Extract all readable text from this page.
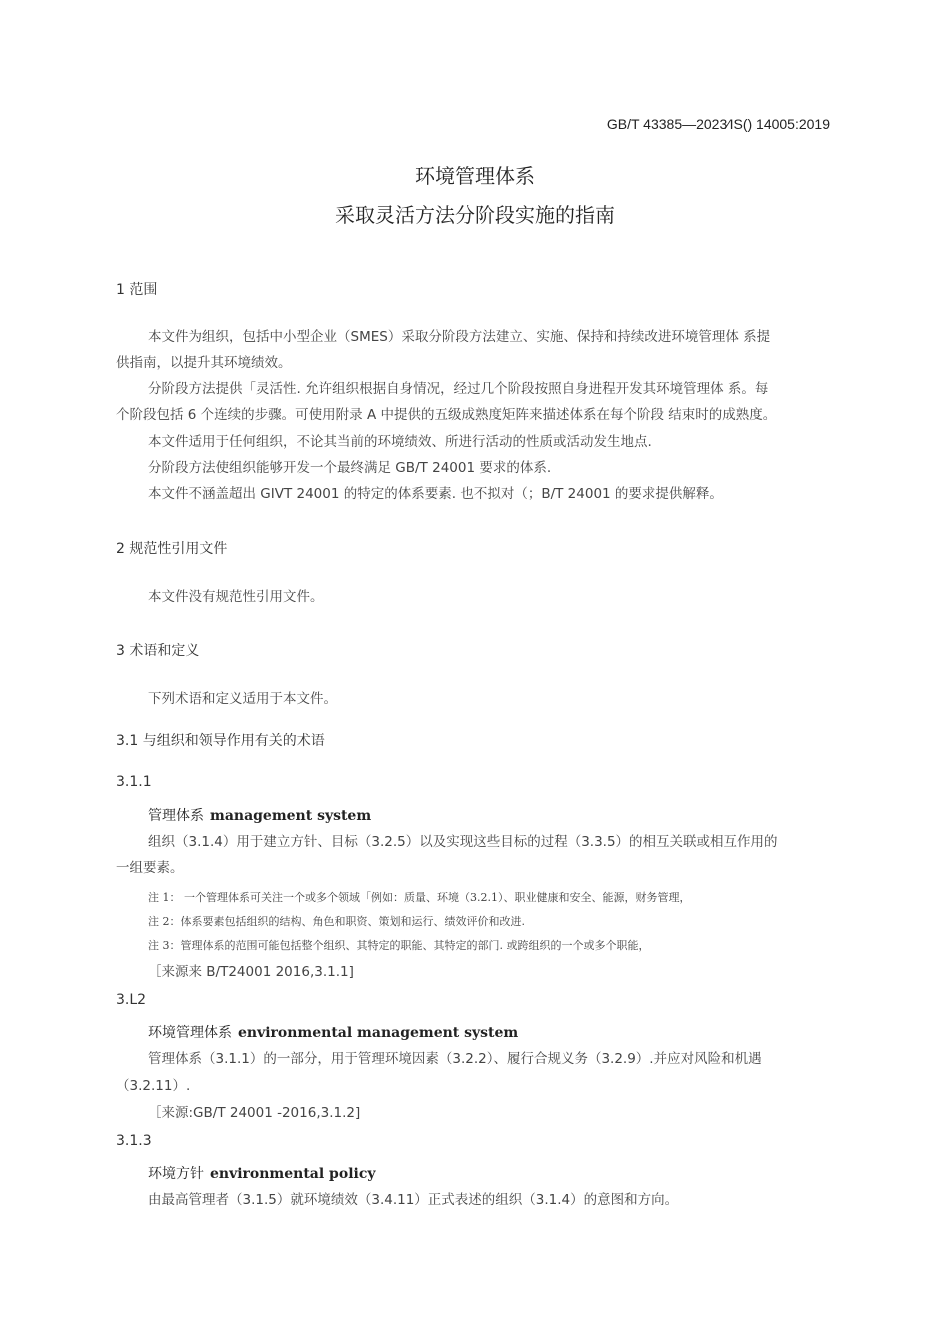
GB/T 43385—2023⁄IS() 14005:2019
环境管理体系
采取灵活方法分阶段实施的指南
1 范围
本文件为组织，包括中小型企业（SMES）采取分阶段方法建立、实施、保持和持续改进环境管理体 系提
供指南，以提升其环境绩效。
分阶段方法提供「灵活性. 允许组织根据自身情况，经过几个阶段按照自身进程开发其环境管理体 系。每
个阶段包括 6 个连续的步骤。可使用附录 A 中提供的五级成熟度矩阵来描述体系在每个阶段 结束时的成熟度。
本文件适用于任何组织，不论其当前的环境绩效、所进行活动的性质或活动发生地点.
分阶段方法使组织能够开发一个最终满足 GB/T 24001 要求的体系.
本文件不涵盖超出 GIVT 24001 的特定的体系要素. 也不拟对（；B/T 24001 的要求提供解释。
2 规范性引用文件
本文件没有规范性引用文件。
3 术语和定义
下列术语和定义适用于本文件。
3.1 与组织和领导作用有关的术语
3.1.1
管理体系 management system
组织（3.1.4）用于建立方针、目标（3.2.5）以及实现这些目标的过程（3.3.5）的相互关联或相互作用的
一组要素。
注 1： 一个管理体系可关注一个或多个领域「例如：质量、环境（3.2.1）、职业健康和安全、能源，财务管理，
注 2：体系要素包括组织的结构、角色和职资、策划和运行、绩效评价和改进.
注 3：管理体系的范围可能包括整个组织、其特定的职能、其特定的部门. 或跨组织的一个或多个职能，
［来源来 B/T24001 2016,3.1.1]
3.L2
环境管理体系 environmental management system
管理体系（3.1.1）的一部分，用于管理环境因素（3.2.2）、履行合规义务（3.2.9）.并应对风险和机遇
（3.2.11）.
［来源:GB/T 24001 -2016,3.1.2]
3.1.3
环境方针 environmental policy
由最高管理者（3.1.5）就环境绩效（3.4.11）正式表述的组织（3.1.4）的意图和方向。
